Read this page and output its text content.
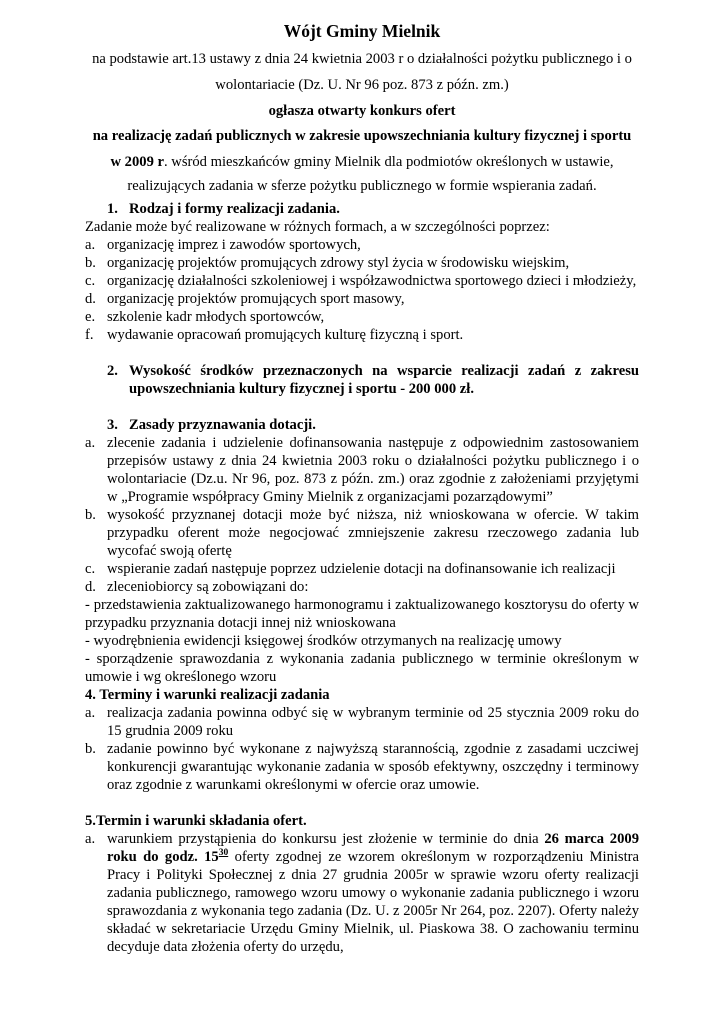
Wójt Gminy Mielnik
na podstawie art.13 ustawy z dnia 24 kwietnia 2003 r o działalności pożytku publicznego i o
wolontariacie (Dz. U. Nr 96 poz. 873 z późn. zm.)
ogłasza otwarty konkurs ofert
na realizację zadań publicznych w zakresie upowszechniania kultury fizycznej i sportu
w 2009 r. wśród mieszkańców gminy Mielnik dla podmiotów określonych w ustawie,
realizujących zadania w sferze pożytku publicznego w formie wspierania zadań.
1. Rodzaj i formy realizacji zadania.
Zadanie może być realizowane w różnych formach, a w szczególności poprzez:
a. organizację imprez i zawodów sportowych,
b. organizację projektów promujących zdrowy styl życia w środowisku wiejskim,
c. organizację działalności szkoleniowej i współzawodnictwa sportowego dzieci i młodzieży,
d. organizację projektów promujących sport masowy,
e. szkolenie kadr młodych sportowców,
f. wydawanie opracowań promujących kulturę fizyczną i sport.
2. Wysokość środków przeznaczonych na wsparcie realizacji zadań z zakresu upowszechniania kultury fizycznej i sportu - 200 000 zł.
3. Zasady przyznawania dotacji.
a. zlecenie zadania i udzielenie dofinansowania następuje z odpowiednim zastosowaniem przepisów ustawy z dnia 24 kwietnia 2003 roku o działalności pożytku publicznego i o wolontariacie (Dz.u. Nr 96, poz. 873 z późn. zm.) oraz zgodnie z założeniami przyjętymi w „Programie współpracy Gminy Mielnik z organizacjami pozarządowymi”
b. wysokość przyznanej dotacji może być niższa, niż wnioskowana w ofercie. W takim przypadku oferent może negocjować zmniejszenie zakresu rzeczowego zadania lub wycofać swoją ofertę
c. wspieranie zadań następuje poprzez udzielenie dotacji na dofinansowanie ich realizacji
d. zleceniobiorcy są zobowiązani do:
- przedstawienia zaktualizowanego harmonogramu i zaktualizowanego kosztorysu do oferty w przypadku przyznania dotacji innej niż wnioskowana
- wyodrębnienia ewidencji księgowej środków otrzymanych na realizację umowy
- sporządzenie sprawozdania z wykonania zadania publicznego w terminie określonym w umowie i wg określonego wzoru
4. Terminy i warunki realizacji zadania
a. realizacja zadania powinna odbyć się w wybranym terminie od 25 stycznia 2009 roku do 15 grudnia 2009 roku
b. zadanie powinno być wykonane z najwyższą starannością, zgodnie z zasadami uczciwej konkurencji gwarantując wykonanie zadania w sposób efektywny, oszczędny i terminowy oraz zgodnie z warunkami określonymi w ofercie oraz umowie.
5.Termin i warunki składania ofert.
a. warunkiem przystąpienia do konkursu jest złożenie w terminie do dnia 26 marca 2009 roku do godz. $15^{30}$ oferty zgodnej ze wzorem określonym w rozporządzeniu Ministra Pracy i Polityki Społecznej z dnia 27 grudnia 2005r w sprawie wzoru oferty realizacji zadania publicznego, ramowego wzoru umowy o wykonanie zadania publicznego i wzoru sprawozdania z wykonania tego zadania (Dz. U. z 2005r Nr 264, poz. 2207). Oferty należy składać w sekretariacie Urzędu Gminy Mielnik, ul. Piaskowa 38. O zachowaniu terminu decyduje data złożenia oferty do urzędu,
